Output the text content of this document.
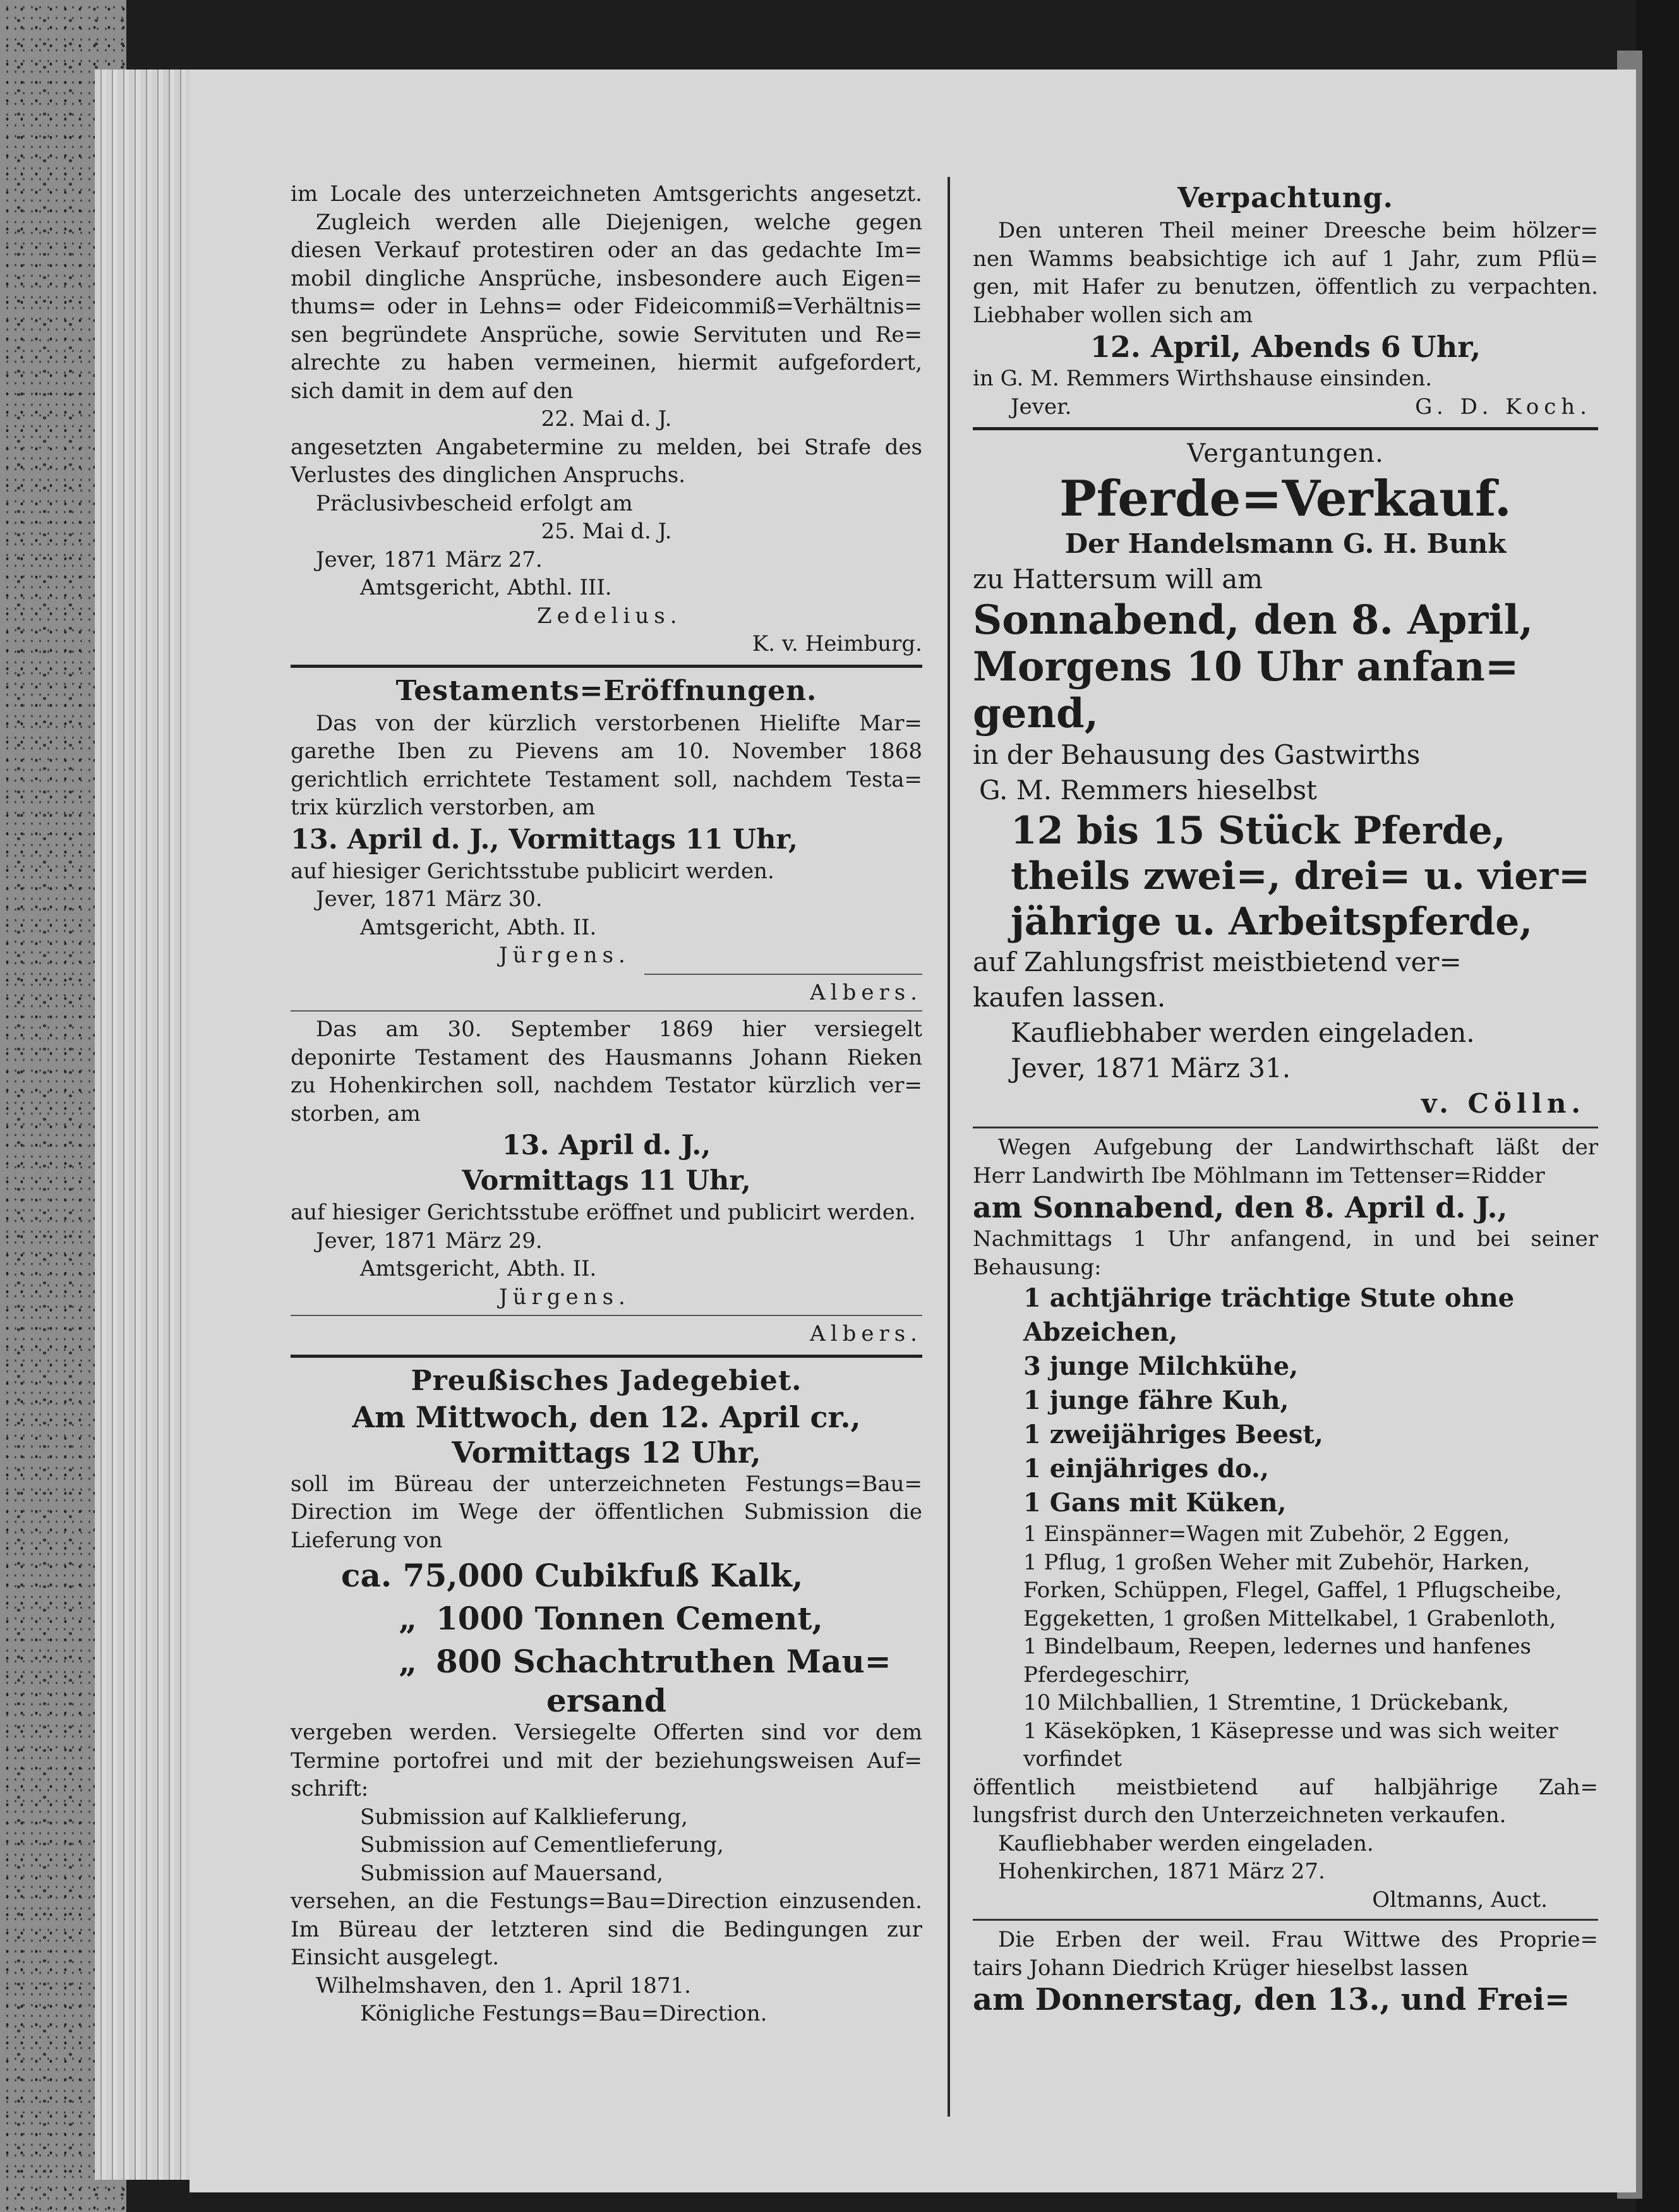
im Locale des unterzeichneten Amtsgerichts angesetzt.
Zugleich werden alle Diejenigen, welche gegen
diesen Verkauf protestiren oder an das gedachte Im=
mobil dingliche Ansprüche, insbesondere auch Eigen=
thums= oder in Lehns= oder Fideicommiß=Verhältnis=
sen begründete Ansprüche, sowie Servituten und Re=
alrechte zu haben vermeinen, hiermit aufgefordert,
sich damit in dem auf den
22. Mai d. J.
angesetzten Angabetermine zu melden, bei Strafe des
Verlustes des dinglichen Anspruchs.
Präclusivbescheid erfolgt am
25. Mai d. J.
Jever, 1871 März 27.
Amtsgericht, Abthl. III.
Zedelius.
K. v. Heimburg.
Testaments=Eröffnungen.
Das von der kürzlich verstorbenen Hielifte Mar=
garethe Iben zu Pievens am 10. November 1868
gerichtlich errichtete Testament soll, nachdem Testa=
trix kürzlich verstorben, am
13. April d. J., Vormittags 11 Uhr,
auf hiesiger Gerichtsstube publicirt werden.
Jever, 1871 März 30.
Amtsgericht, Abth. II.
Jürgens.
Albers.
Das am 30. September 1869 hier versiegelt
deponirte Testament des Hausmanns Johann Rieken
zu Hohenkirchen soll, nachdem Testator kürzlich ver=
storben, am
13. April d. J.,
Vormittags 11 Uhr,
auf hiesiger Gerichtsstube eröffnet und publicirt werden.
Jever, 1871 März 29.
Amtsgericht, Abth. II.
Jürgens.
Albers.
Preußisches Jadegebiet.
Am Mittwoch, den 12. April cr.,
Vormittags 12 Uhr,
soll im Büreau der unterzeichneten Festungs=Bau=
Direction im Wege der öffentlichen Submission die
Lieferung von
ca. 75,000 Cubikfuß Kalk,
„ 1000 Tonnen Cement,
„ 800 Schachtruthen Mau=
ersand
vergeben werden. Versiegelte Offerten sind vor dem
Termine portofrei und mit der beziehungsweisen Auf=
schrift:
Submission auf Kalklieferung,
Submission auf Cementlieferung,
Submission auf Mauersand,
versehen, an die Festungs=Bau=Direction einzusenden.
Im Büreau der letzteren sind die Bedingungen zur
Einsicht ausgelegt.
Wilhelmshaven, den 1. April 1871.
Königliche Festungs=Bau=Direction.
Verpachtung.
Den unteren Theil meiner Dreesche beim hölzer=
nen Wamms beabsichtige ich auf 1 Jahr, zum Pflü=
gen, mit Hafer zu benutzen, öffentlich zu verpachten.
Liebhaber wollen sich am
12. April, Abends 6 Uhr,
in G. M. Remmers Wirthshause einsinden.
Jever.	G. D. Koch.
Vergantungen.
Pferde=Verkauf.
Der Handelsmann G. H. Bunk
zu Hattersum will am
Sonnabend, den 8. April,
Morgens 10 Uhr anfan=
gend,
in der Behausung des Gastwirths
G. M. Remmers hieselbst
12 bis 15 Stück Pferde,
theils zwei=, drei= u. vier=
jährige u. Arbeitspferde,
auf Zahlungsfrist meistbietend ver=
kaufen lassen.
Kaufliebhaber werden eingeladen.
Jever, 1871 März 31.
v. Cölln.
Wegen Aufgebung der Landwirthschaft läßt der
Herr Landwirth Ibe Möhlmann im Tettenser=Ridder
am Sonnabend, den 8. April d. J.,
Nachmittags 1 Uhr anfangend, in und bei seiner
Behausung:
1 achtjährige trächtige Stute ohne
Abzeichen,
3 junge Milchkühe,
1 junge fähre Kuh,
1 zweijähriges Beest,
1 einjähriges do.,
1 Gans mit Küken,
1 Einspänner=Wagen mit Zubehör, 2 Eggen,
1 Pflug, 1 großen Weher mit Zubehör, Harken,
Forken, Schüppen, Flegel, Gaffel, 1 Pflugscheibe,
Eggeketten, 1 großen Mittelkabel, 1 Grabenloth,
1 Bindelbaum, Reepen, ledernes und hanfenes
Pferdegeschirr,
10 Milchballien, 1 Stremtine, 1 Drückebank,
1 Käseköpken, 1 Käsepresse und was sich weiter
vorfindet
öffentlich meistbietend auf halbjährige Zah=
lungsfrist durch den Unterzeichneten verkaufen.
Kaufliebhaber werden eingeladen.
Hohenkirchen, 1871 März 27.
Oltmanns, Auct.
Die Erben der weil. Frau Wittwe des Proprie=
tairs Johann Diedrich Krüger hieselbst lassen
am Donnerstag, den 13., und Frei=
